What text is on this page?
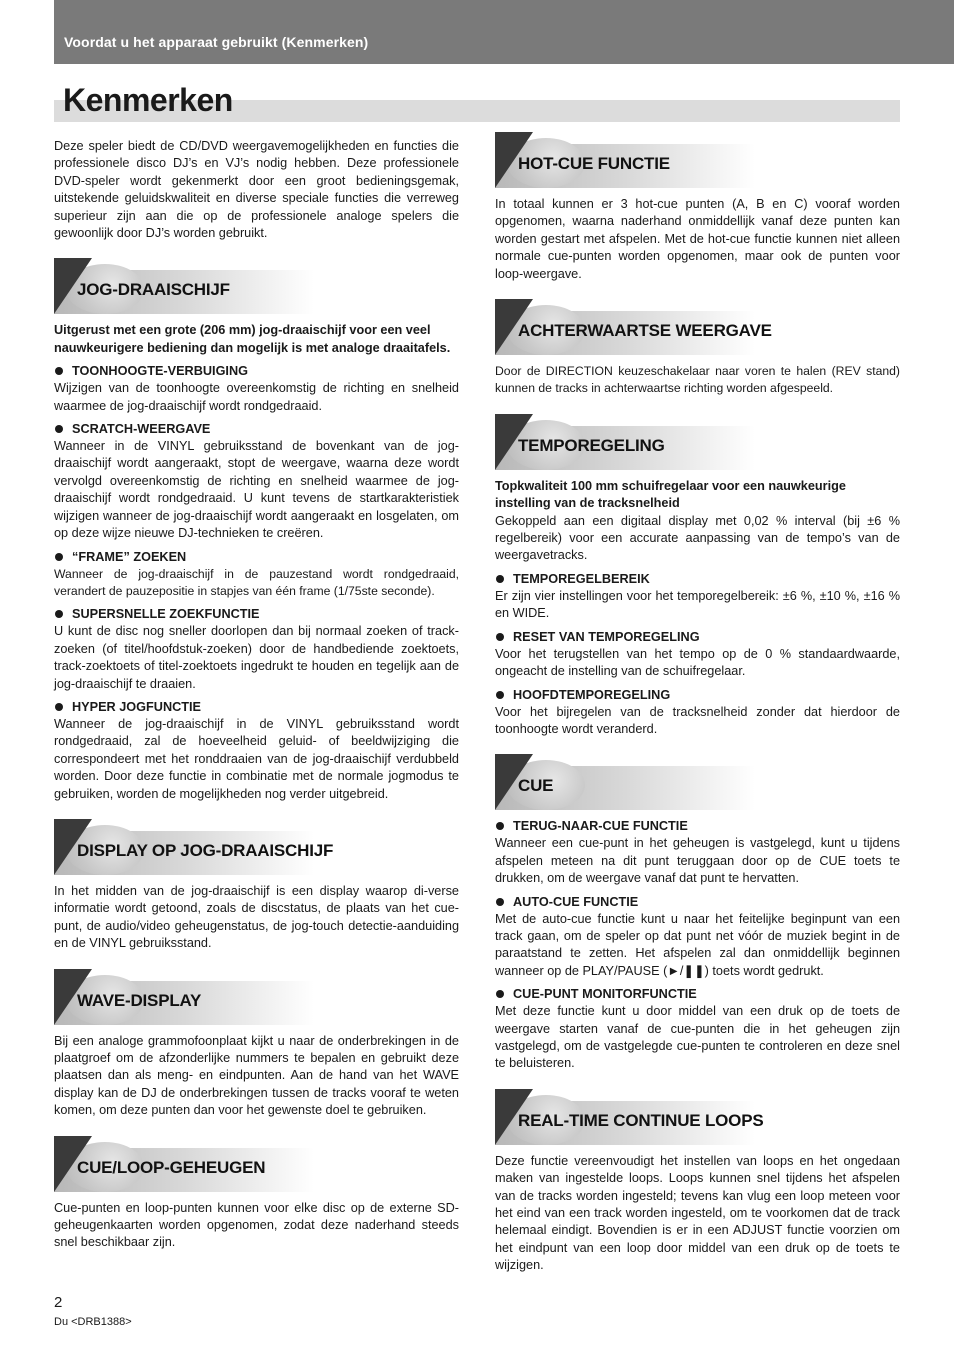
Voordat u het apparaat gebruikt (Kenmerken)
Kenmerken

Deze speler biedt de CD/DVD weergavemogelijkheden en functies die professionele disco DJ’s en VJ’s nodig hebben. Deze professionele DVD-speler wordt gekenmerkt door een groot bedieningsgemak, uitstekende geluidskwaliteit en diverse speciale functies die verreweg superieur zijn aan die op de professionele analoge spelers die gewoonlijk door DJ’s worden gebruikt.

JOG-DRAAISCHIJF

Uitgerust met een grote (206 mm) jog-draaischijf voor een veel nauwkeurigere bediening dan mogelijk is met analoge draaitafels.

TOONHOOGTE-VERBUIGING

Wijzigen van de toonhoogte overeenkomstig de richting en snelheid waarmee de jog-draaischijf wordt rondgedraaid.

SCRATCH-WEERGAVE

Wanneer in de VINYL gebruiksstand de bovenkant van de jog-draaischijf wordt aangeraakt, stopt de weergave, waarna deze wordt vervolgd overeenkomstig de richting en snelheid waarmee de jog-draaischijf wordt rondgedraaid. U kunt tevens de startkarakteristiek wijzigen wanneer de jog-draaischijf wordt aangeraakt en losgelaten, om op deze wijze nieuwe DJ-technieken te creëren.

“FRAME” ZOEKEN

Wanneer de jog-draaischijf in de pauzestand wordt rondgedraaid, verandert de pauzepositie in stapjes van één frame (1/75ste seconde).

SUPERSNELLE ZOEKFUNCTIE

U kunt de disc nog sneller doorlopen dan bij normaal zoeken of track-zoeken (of titel/hoofdstuk-zoeken) door de handbediende zoektoets, track-zoektoets of titel-zoektoets ingedrukt te houden en tegelijk aan de jog-draaischijf te draaien.

HYPER JOGFUNCTIE

Wanneer de jog-draaischijf in de VINYL gebruiksstand wordt rondgedraaid, zal de hoeveelheid geluid- of beeldwijziging die correspondeert met het ronddraaien van de jog-draaischijf verdubbeld worden. Door deze functie in combinatie met de normale jogmodus te gebruiken, worden de mogelijkheden nog verder uitgebreid.

DISPLAY OP JOG-DRAAISCHIJF

In het midden van de jog-draaischijf is een display waarop di-verse informatie wordt getoond, zoals de discstatus, de plaats van het cue-punt, de audio/video geheugenstatus, de jog-touch detectie-aanduiding en de VINYL gebruiksstand.

WAVE-DISPLAY

Bij een analoge grammofoonplaat kijkt u naar de onderbrekingen in de plaatgroef om de afzonderlijke nummers te bepalen en gebruikt deze plaatsen dan als meng- en eindpunten. Aan de hand van het WAVE display kan de DJ de onderbrekingen tussen de tracks vooraf te weten komen, om deze punten dan voor het gewenste doel te gebruiken.

CUE/LOOP-GEHEUGEN

Cue-punten en loop-punten kunnen voor elke disc op de externe SD-geheugenkaarten worden opgenomen, zodat deze naderhand steeds snel beschikbaar zijn.

HOT-CUE FUNCTIE

In totaal kunnen er 3 hot-cue punten (A, B en C) vooraf worden opgenomen, waarna naderhand onmiddellijk vanaf deze punten kan worden gestart met afspelen. Met de hot-cue functie kunnen niet alleen normale cue-punten worden opgenomen, maar ook de punten voor loop-weergave.

ACHTERWAARTSE WEERGAVE

Door de DIRECTION keuzeschakelaar naar voren te halen (REV stand) kunnen de tracks in achterwaartse richting worden afgespeeld.

TEMPOREGELING

Topkwaliteit 100 mm schuifregelaar voor een nauwkeurige instelling van de tracksnelheid

Gekoppeld aan een digitaal display met 0,02 % interval (bij ±6 % regelbereik) voor een accurate aanpassing van de tempo’s van de weergavetracks.

TEMPOREGELBEREIK

Er zijn vier instellingen voor het temporegelbereik: ±6 %, ±10 %, ±16 % en WIDE.

RESET VAN TEMPOREGELING

Voor het terugstellen van het tempo op de 0 % standaardwaarde, ongeacht de instelling van de schuifregelaar.

HOOFDTEMPOREGELING

Voor het bijregelen van de tracksnelheid zonder dat hierdoor de toonhoogte wordt veranderd.

CUE
TERUG-NAAR-CUE FUNCTIE

Wanneer een cue-punt in het geheugen is vastgelegd, kunt u tijdens afspelen meteen na dit punt teruggaan door op de CUE toets te drukken, om de weergave vanaf dat punt te hervatten.

AUTO-CUE FUNCTIE

Met de auto-cue functie kunt u naar het feitelijke beginpunt van een track gaan, om de speler op dat punt net vóór de muziek begint in de paraatstand te zetten. Het afspelen zal dan onmiddellijk beginnen wanneer op de PLAY/PAUSE (►/❚❚) toets wordt gedrukt.

CUE-PUNT MONITORFUNCTIE

Met deze functie kunt u door middel van een druk op de toets de weergave starten vanaf de cue-punten die in het geheugen zijn vastgelegd, om de vastgelegde cue-punten te controleren en deze snel te beluisteren.

REAL-TIME CONTINUE LOOPS

Deze functie vereenvoudigt het instellen van loops en het ongedaan maken van ingestelde loops. Loops kunnen snel tijdens het afspelen van de tracks worden ingesteld; tevens kan vlug een loop meteen voor het eind van een track worden ingesteld, om te voorkomen dat de track helemaal eindigt. Bovendien is er in een ADJUST functie voorzien om het eindpunt van een loop door middel van een druk op de toets te wijzigen.

2
Du <DRB1388>
